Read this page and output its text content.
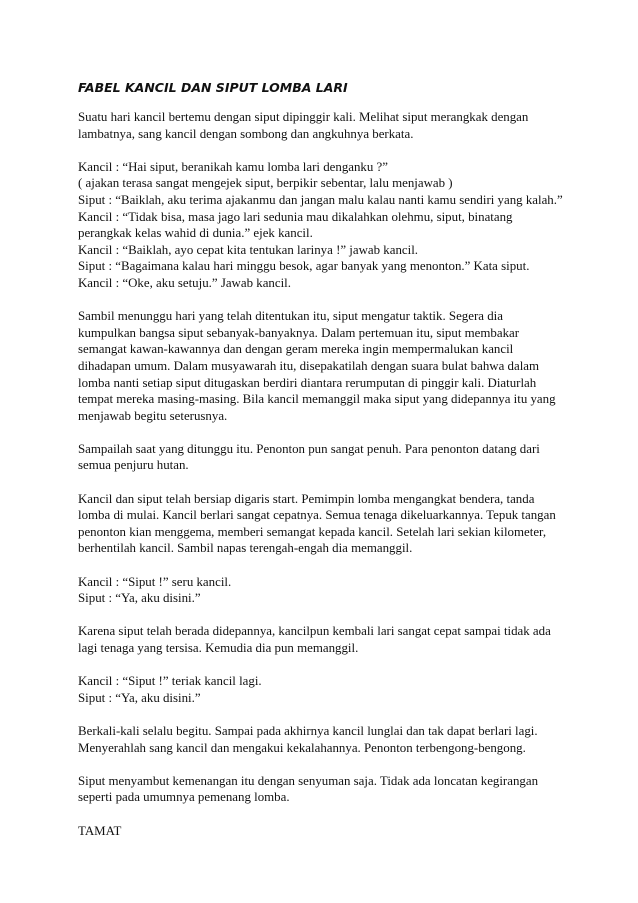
FABEL KANCIL DAN SIPUT LOMBA LARI

Suatu hari kancil bertemu dengan siput dipinggir kali. Melihat siput merangkak dengan
lambatnya, sang kancil dengan sombong dan angkuhnya berkata.

Kancil : “Hai siput, beranikah kamu lomba lari denganku ?”
( ajakan terasa sangat mengejek siput, berpikir sebentar, lalu menjawab )
Siput : “Baiklah, aku terima ajakanmu dan jangan malu kalau nanti kamu sendiri yang kalah.”
Kancil : “Tidak bisa, masa jago lari sedunia mau dikalahkan olehmu, siput, binatang
perangkak kelas wahid di dunia.” ejek kancil.
Kancil : “Baiklah, ayo cepat kita tentukan larinya !” jawab kancil.
Siput : “Bagaimana kalau hari minggu besok, agar banyak yang menonton.” Kata siput.
Kancil : “Oke, aku setuju.” Jawab kancil.

Sambil menunggu hari yang telah ditentukan itu, siput mengatur taktik. Segera dia
kumpulkan bangsa siput sebanyak-banyaknya. Dalam pertemuan itu, siput membakar
semangat kawan-kawannya dan dengan geram mereka ingin mempermalukan kancil
dihadapan umum. Dalam musyawarah itu, disepakatilah dengan suara bulat bahwa dalam
lomba nanti setiap siput ditugaskan berdiri diantara rerumputan di pinggir kali. Diaturlah
tempat mereka masing-masing. Bila kancil memanggil maka siput yang didepannya itu yang
menjawab begitu seterusnya.

Sampailah saat yang ditunggu itu. Penonton pun sangat penuh. Para penonton datang dari
semua penjuru hutan.

Kancil dan siput telah bersiap digaris start. Pemimpin lomba mengangkat bendera, tanda
lomba di mulai. Kancil berlari sangat cepatnya. Semua tenaga dikeluarkannya. Tepuk tangan
penonton kian menggema, memberi semangat kepada kancil. Setelah lari sekian kilometer,
berhentilah kancil. Sambil napas terengah-engah dia memanggil.

Kancil : “Siput !” seru kancil.
Siput : “Ya, aku disini.”

Karena siput telah berada didepannya, kancilpun kembali lari sangat cepat sampai tidak ada
lagi tenaga yang tersisa. Kemudia dia pun memanggil.

Kancil : “Siput !” teriak kancil lagi.
Siput : “Ya, aku disini.”

Berkali-kali selalu begitu. Sampai pada akhirnya kancil lunglai dan tak dapat berlari lagi.
Menyerahlah sang kancil dan mengakui kekalahannya. Penonton terbengong-bengong.

Siput menyambut kemenangan itu dengan senyuman saja. Tidak ada loncatan kegirangan
seperti pada umumnya pemenang lomba.

TAMAT
